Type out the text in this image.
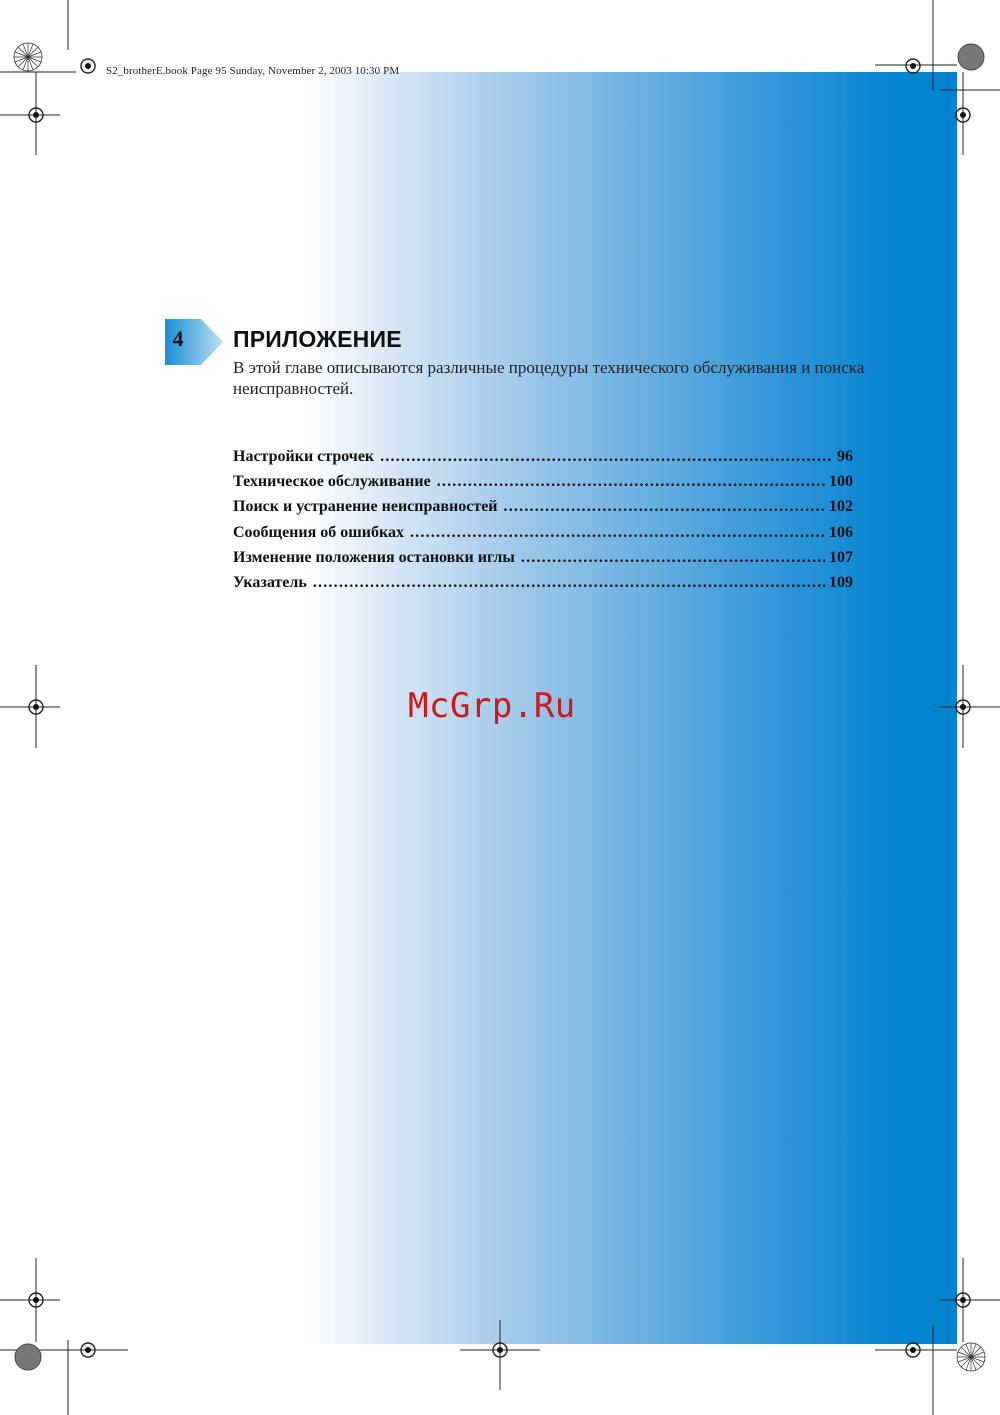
S2_brotherE.book Page 95 Sunday, November 2, 2003 10:30 PM
4 ПРИЛОЖЕНИЕ
В этой главе описываются различные процедуры технического обслуживания и поиска неисправностей.
Настройки строчек .....	96
Техническое обслуживание .....	100
Поиск и устранение неисправностей .....	102
Сообщения об ошибках .....	106
Изменение положения остановки иглы .....	107
Указатель .....	109
McGrp.Ru
